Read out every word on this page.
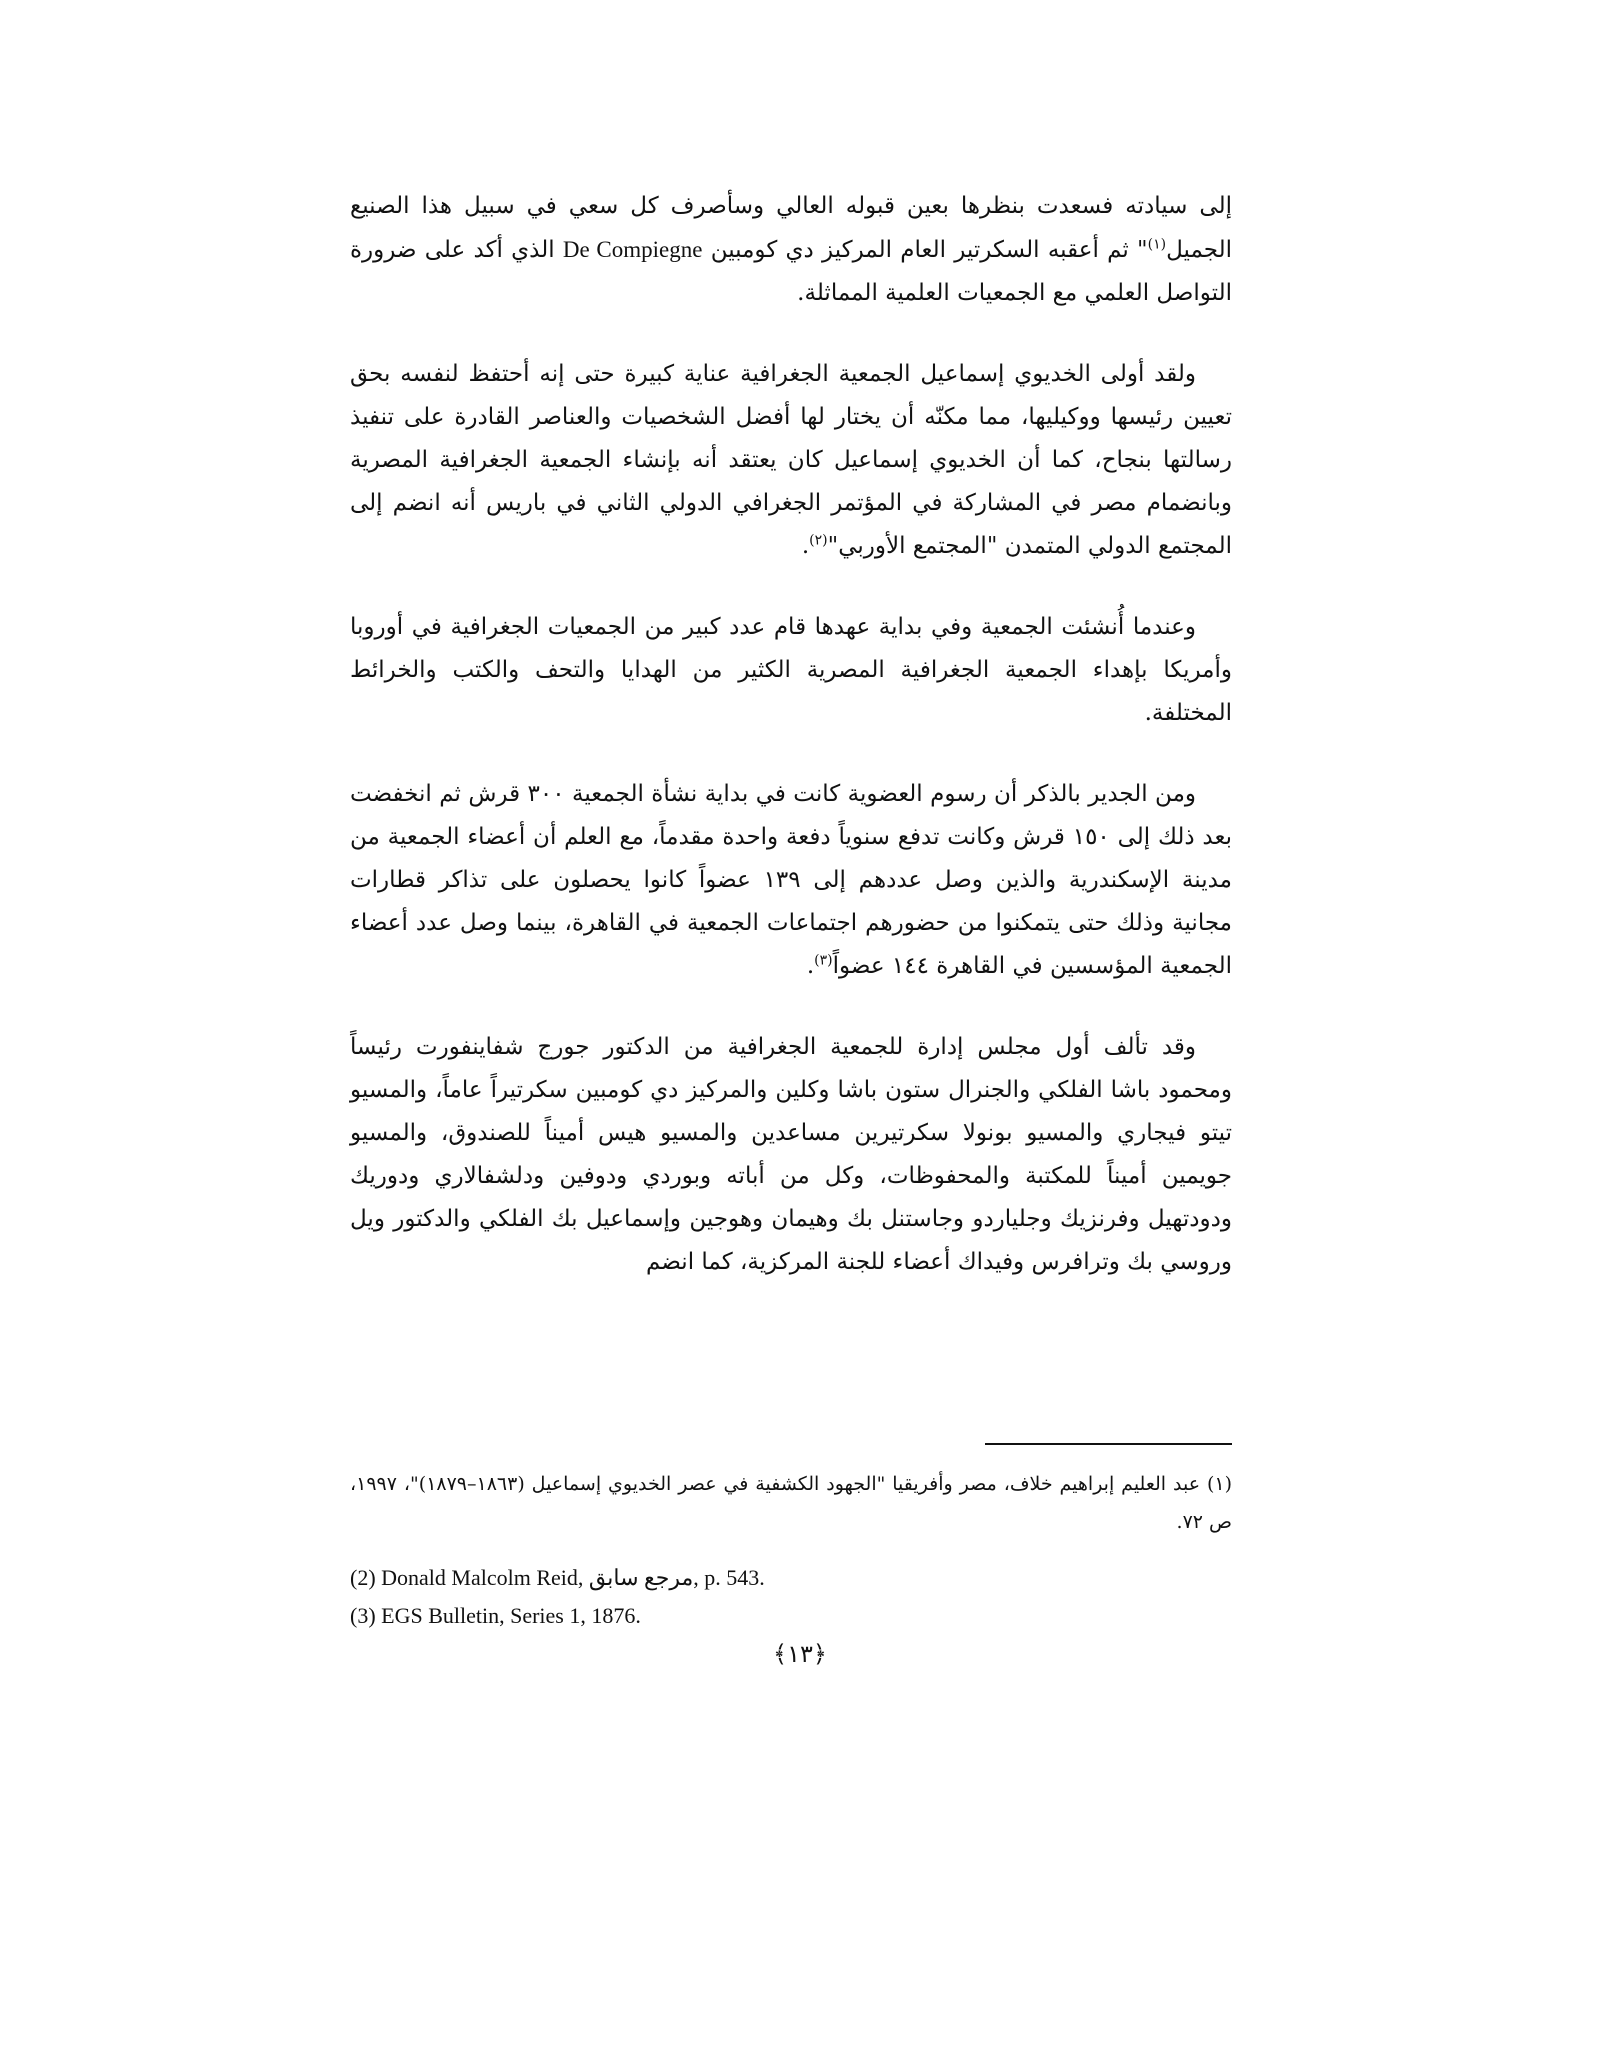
إلى سيادته فسعدت بنظرها بعين قبوله العالي وسأصرف كل سعي في سبيل هذا الصنيع الجميل$^{(١)}$" ثم أعقبه السكرتير العام المركيز دي كومبين De Compiegne الذي أكد على ضرورة التواصل العلمي مع الجمعيات العلمية المماثلة.

ولقد أولى الخديوي إسماعيل الجمعية الجغرافية عناية كبيرة حتى إنه أحتفظ لنفسه بحق تعيين رئيسها ووكيليها، مما مكنّه أن يختار لها أفضل الشخصيات والعناصر القادرة على تنفيذ رسالتها بنجاح، كما أن الخديوي إسماعيل كان يعتقد أنه بإنشاء الجمعية الجغرافية المصرية وبانضمام مصر في المشاركة في المؤتمر الجغرافي الدولي الثاني في باريس أنه انضم إلى المجتمع الدولي المتمدن "المجتمع الأوربي"$^{(٢)}$.

وعندما أُنشئت الجمعية وفي بداية عهدها قام عدد كبير من الجمعيات الجغرافية في أوروبا وأمريكا بإهداء الجمعية الجغرافية المصرية الكثير من الهدايا والتحف والكتب والخرائط المختلفة.

ومن الجدير بالذكر أن رسوم العضوية كانت في بداية نشأة الجمعية ٣٠٠ قرش ثم انخفضت بعد ذلك إلى ١٥٠ قرش وكانت تدفع سنوياً دفعة واحدة مقدماً، مع العلم أن أعضاء الجمعية من مدينة الإسكندرية والذين وصل عددهم إلى ١٣٩ عضواً كانوا يحصلون على تذاكر قطارات مجانية وذلك حتى يتمكنوا من حضورهم اجتماعات الجمعية في القاهرة، بينما وصل عدد أعضاء الجمعية المؤسسين في القاهرة ١٤٤ عضواً$^{(٣)}$.

وقد تألف أول مجلس إدارة للجمعية الجغرافية من الدكتور جورج شفاينفورت رئيساً ومحمود باشا الفلكي والجنرال ستون باشا وكلين والمركيز دي كومبين سكرتيراً عاماً، والمسيو تيتو فيجاري والمسيو بونولا سكرتيرين مساعدين والمسيو هيس أميناً للصندوق، والمسيو جويمين أميناً للمكتبة والمحفوظات، وكل من أباته وبوردي ودوفين ودلشفالاري ودوريك ودودتهيل وفرنزيك وجلياردو وجاستنل بك وهيمان وهوجين وإسماعيل بك الفلكي والدكتور ويل وروسي بك وترافرس وفيداك أعضاء للجنة المركزية، كما انضم

(١) عبد العليم إبراهيم خلاف، مصر وأفريقيا "الجهود الكشفية في عصر الخديوي إسماعيل (١٨٦٣–١٨٧٩)"، ١٩٩٧، ص ٧٢.

(2) Donald Malcolm Reid, مرجع سابق, p. 543.

(3) EGS Bulletin, Series 1, 1876.

﴿١٣﴾
